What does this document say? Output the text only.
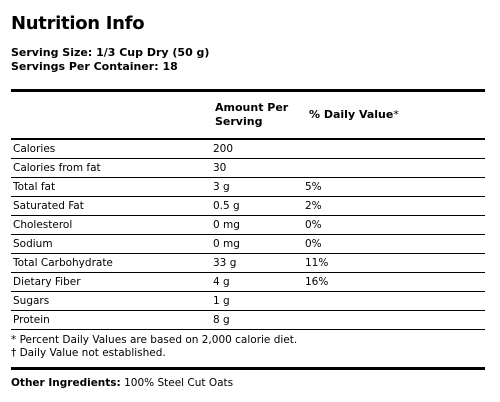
Nutrition Info
Serving Size: 1/3 Cup Dry (50 g)
Servings Per Container: 18
Amount Per Serving
% Daily Value*
Calories	200
Calories from fat	30
Total fat	3 g	5%
Saturated Fat	0.5 g	2%
Cholesterol	0 mg	0%
Sodium	0 mg	0%
Total Carbohydrate	33 g	11%
Dietary Fiber	4 g	16%
Sugars	1 g
Protein	8 g
* Percent Daily Values are based on 2,000 calorie diet.
† Daily Value not established.
Other Ingredients: 100% Steel Cut Oats
